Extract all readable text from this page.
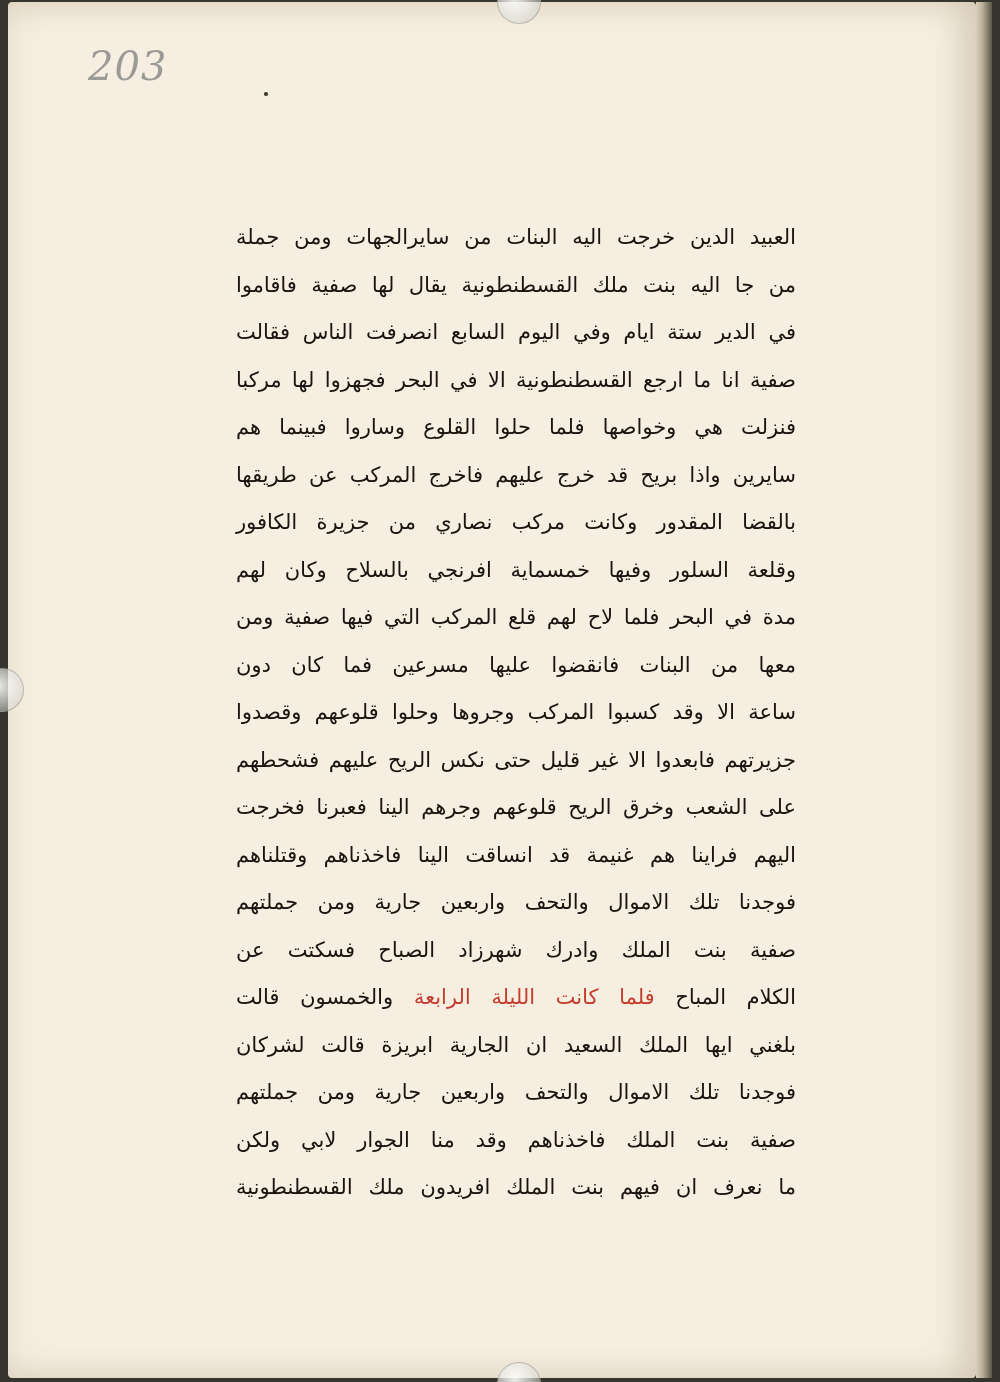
203
العبيد الدين خرجت اليه البنات من سايرالجهات ومن جملة
من جا اليه بنت ملك القسطنطونية يقال لها صفية فاقاموا
في الدير ستة ايام وفي اليوم السابع انصرفت الناس فقالت
صفية انا ما ارجع القسطنطونية الا في البحر فجهزوا لها مركبا
فنزلت هي وخواصها فلما حلوا القلوع وساروا فبينما هم
سايرين واذا بريح قد خرج عليهم فاخرج المركب عن طريقها
بالقضا المقدور وكانت مركب نصاري من جزيرة الكافور
وقلعة السلور وفيها خمسماية افرنجي بالسلاح وكان لهم
مدة في البحر فلما لاح لهم قلع المركب التي فيها صفية ومن
معها من البنات فانقضوا عليها مسرعين فما كان دون
ساعة الا وقد كسبوا المركب وجروها وحلوا قلوعهم وقصدوا
جزيرتهم فابعدوا الا غير قليل حتى نكس الريح عليهم فشحطهم
على الشعب وخرق الريح قلوعهم وجرهم الينا فعبرنا فخرجت
اليهم فراينا هم غنيمة قد انساقت الينا فاخذناهم وقتلناهم
فوجدنا تلك الاموال والتحف واربعين جارية ومن جملتهم
صفية بنت الملك وادرك شهرزاد الصباح فسكتت عن
الكلام المباح فلما كانت الليلة الرابعة والخمسون قالت
بلغني ايها الملك السعيد ان الجارية ابريزة قالت لشركان
فوجدنا تلك الاموال والتحف واربعين جارية ومن جملتهم
صفية بنت الملك فاخذناهم وقد منا الجوار لابي ولكن
ما نعرف ان فيهم بنت الملك افريدون ملك القسطنطونية
